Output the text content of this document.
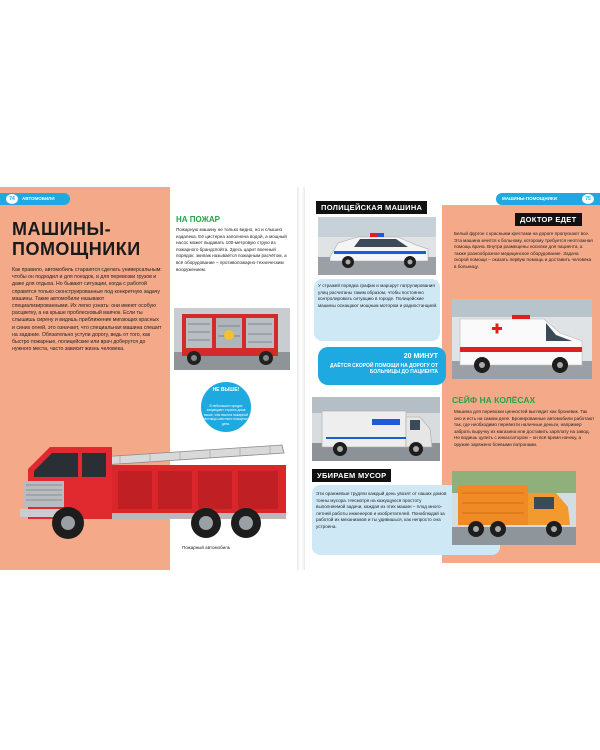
74	АВТОМОБИЛИ	МАШИНЫ-ПОМОЩНИКИ	75
МАШИНЫ-
ПОМОЩНИКИ
Как правило, автомобиль стараются сделать универсальным: чтобы он подходил и для поездок, и для перевозки грузов и даже для отдыха. Но бывают ситуации, когда с работой справятся только сконструированные под конкретную задачу машины. Такие автомобили называют специализированными. Их легко узнать: они имеют особую расцветку, а на крыше проблесковый маячок. Если ты слышишь сирену и видишь приближение мигающих красных и синих огней, это означает, что специальная машина спешит на задание. Обязательно уступи дорогу, ведь от того, как быстро пожарные, полицейские или врач доберутся до нужного места, часто зависит жизнь человека.
НА ПОЖАР
Пожарную машину не только видно, но и слышно издалека. Её цистерна заполнена водой, а мощный насос может выдавать 100-метровую струю из пожарного брандспойта. Здесь царит военный порядок: экипаж называется пожарным расчётом, а всё оборудование – противопожарно-техническим вооружением.
НЕ ВЫШЕ!
В небольших городах запрещают строить дома выше, чем высота пожарной лестницы местного пожарного депо.
Пожарный автомобиль
ПОЛИЦЕЙСКАЯ МАШИНА
У стражей порядка график и маршрут патрулирования улиц расчитаны таким образом, чтобы постоянно контролировать ситуацию в городе. Полицейские машины оснащают мощным мотором и радиостанцией.
20 МИНУТ
ДАЁТСЯ СКОРОЙ ПОМОЩИ НА ДОРОГУ ОТ БОЛЬНИЦЫ ДО ПАЦИЕНТА
ДОКТОР ЕДЕТ
Белый фургон с красными крестами на дороге пропускают все. Эта машина мчится к больному, которому требуется неотложная помощь врача. Внутри размещены носилки для пациента, а также разнообразное медицинское оборудование. Задача скорой помощи – оказать первую помощь и доставить человека в больницу.
СЕЙФ НА КОЛЁСАХ
Машина для перевозки ценностей выглядит как броневик. Так оно и есть на самом деле. Бронированные автомобили работают так, где необходимо перевезти наличные деньги, например забрать выручку из магазина или доставить зарплату на завод. Не водишь цупить с инкассатором – он всё время начеку, а оружие заряжено боевыми патронами.
УБИРАЕМ МУСОР
Эти оранжевые трудяги каждый день увозят от наших домов тонны мусора. Несмотря на кажущуюся простоту выполняемой задачи, каждая из этих машин – плод многолетней работы инженеров и изобретателей. Понаблюдай за работой их механизмов и ты удивишься, как непросто она устроена.
